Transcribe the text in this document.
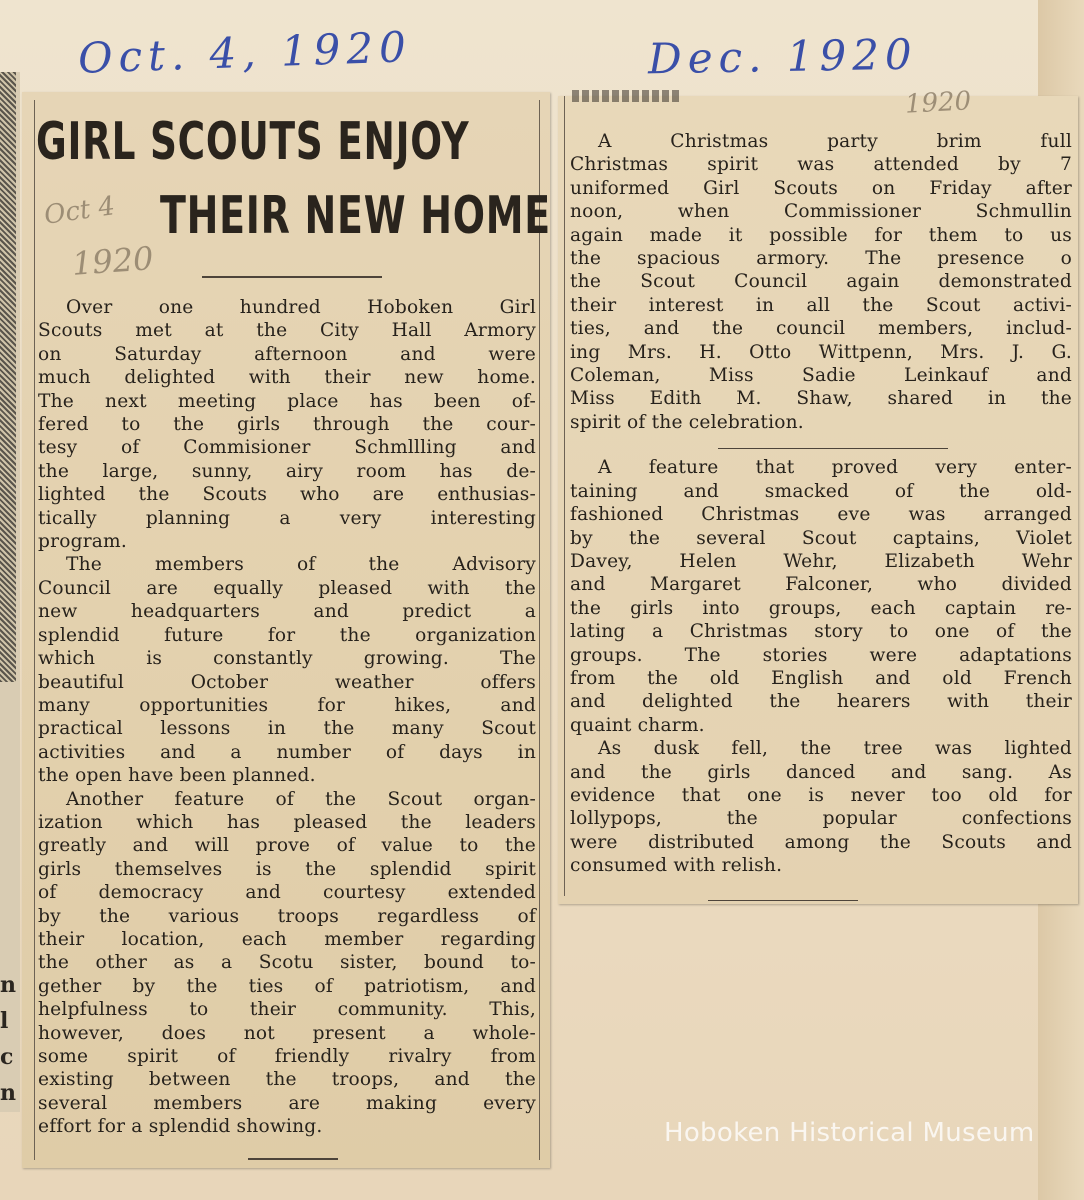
Oct. 4, 1920	Dec. 1920
n
l
c
n
GIRL SCOUTS ENJOY
THEIR NEW HOME
Oct 4
1920
Over one hundred Hoboken Girl
Scouts met at the City Hall Armory
on Saturday afternoon and were
much delighted with their new home.
The next meeting place has been of-
fered to the girls through the cour-
tesy of Commisioner Schmllling and
the large, sunny, airy room has de-
lighted the Scouts who are enthusias-
tically planning a very interesting
program.
The members of the Advisory
Council are equally pleased with the
new headquarters and predict a
splendid future for the organization
which is constantly growing. The
beautiful October weather offers
many opportunities for hikes, and
practical lessons in the many Scout
activities and a number of days in
the open have been planned.
Another feature of the Scout organ-
ization which has pleased the leaders
greatly and will prove of value to the
girls themselves is the splendid spirit
of democracy and courtesy extended
by the various troops regardless of
their location, each member regarding
the other as a Scotu sister, bound to-
gether by the ties of patriotism, and
helpfulness to their community. This,
however, does not present a whole-
some spirit of friendly rivalry from
existing between the troops, and the
several members are making every
effort for a splendid showing.
A Christmas party brim full
Christmas spirit was attended by 7
uniformed Girl Scouts on Friday after
noon, when Commissioner Schmullin
again made it possible for them to us
the spacious armory. The presence o
the Scout Council again demonstrated
their interest in all the Scout activi-
ties, and the council members, includ-
ing Mrs. H. Otto Wittpenn, Mrs. J. G.
Coleman, Miss Sadie Leinkauf and
Miss Edith M. Shaw, shared in the
spirit of the celebration.
A feature that proved very enter-
taining and smacked of the old-
fashioned Christmas eve was arranged
by the several Scout captains, Violet
Davey, Helen Wehr, Elizabeth Wehr
and Margaret Falconer, who divided
the girls into groups, each captain re-
lating a Christmas story to one of the
groups. The stories were adaptations
from the old English and old French
and delighted the hearers with their
quaint charm.
As dusk fell, the tree was lighted
and the girls danced and sang. As
evidence that one is never too old for
lollypops, the popular confections
were distributed among the Scouts and
consumed with relish.
1920
Hoboken Historical Museum
